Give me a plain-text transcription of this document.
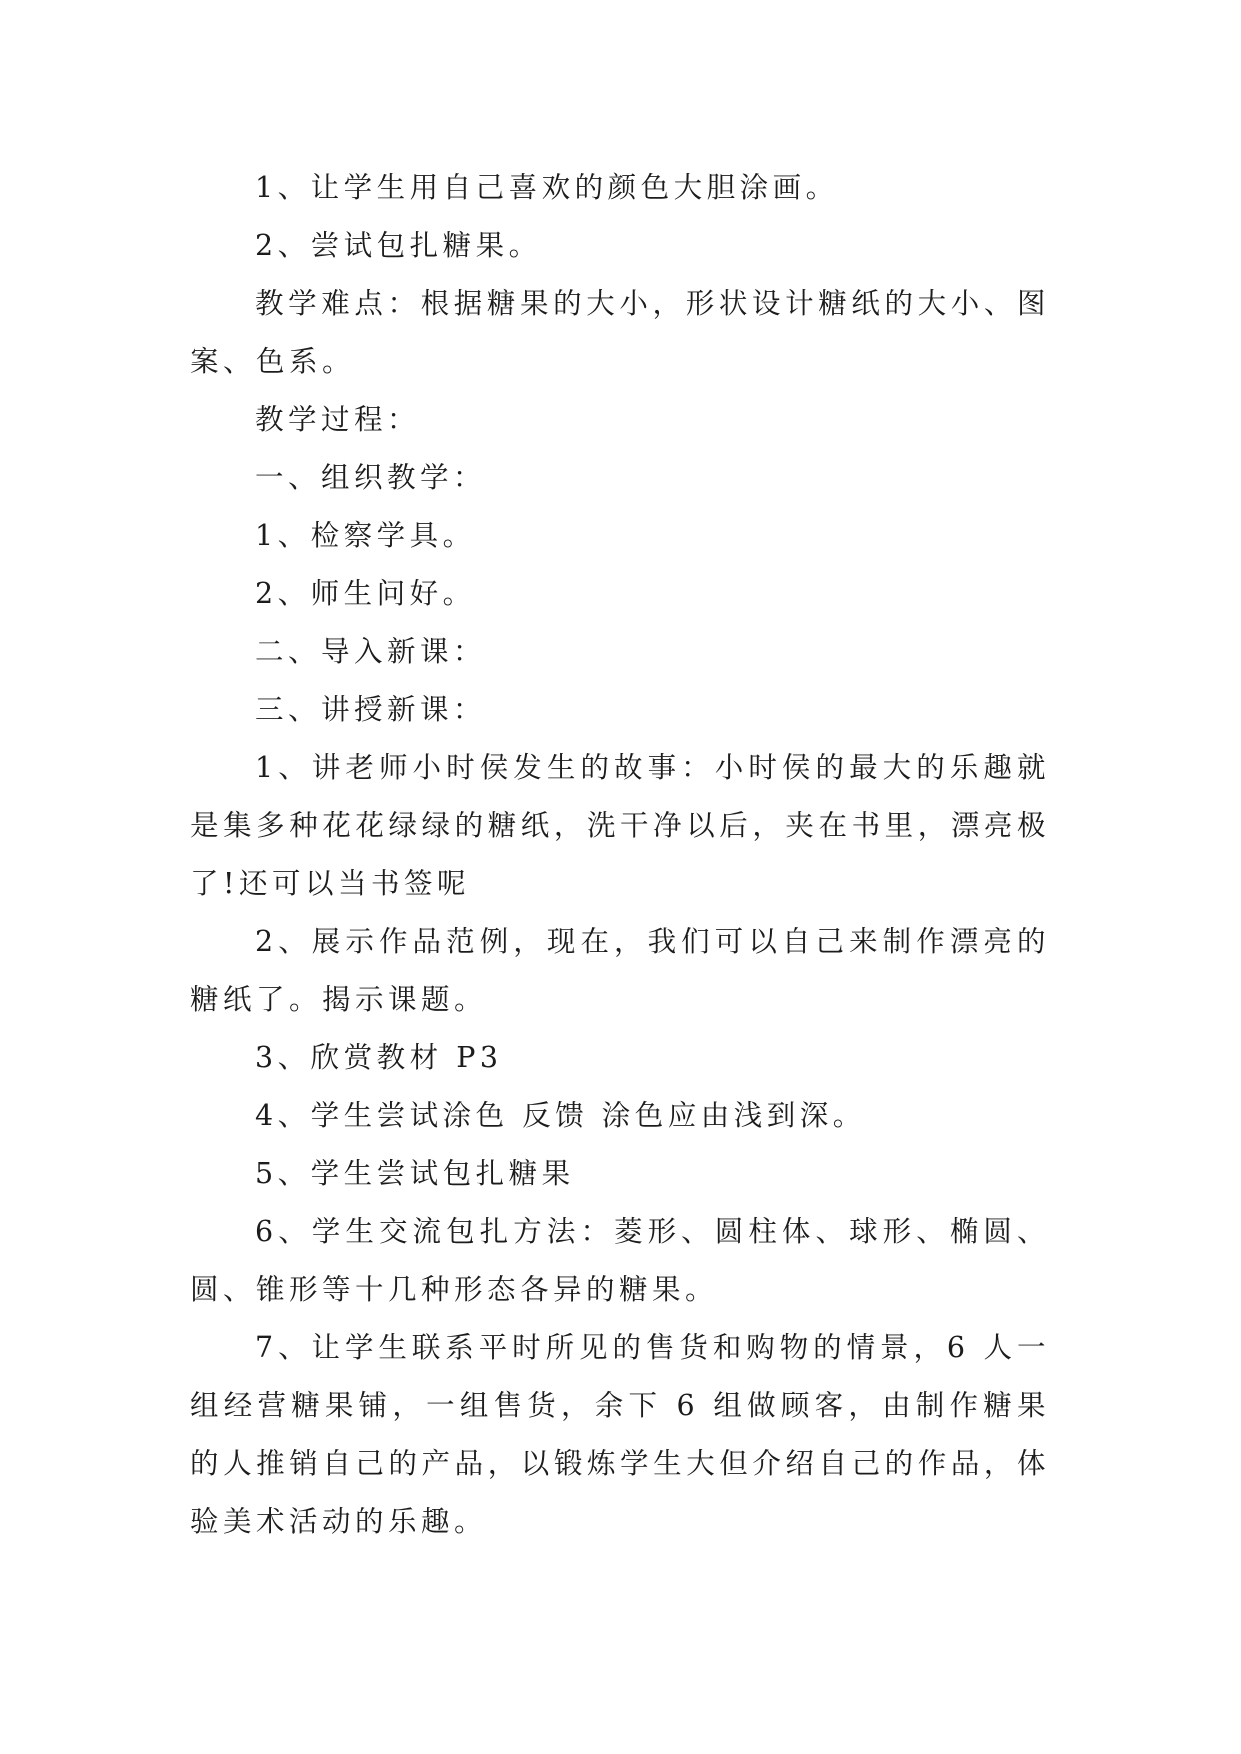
1、让学生用自己喜欢的颜色大胆涂画。

2、尝试包扎糖果。

教学难点：根据糖果的大小，形状设计糖纸的大小、图案、色系。

教学过程：

一、组织教学：

1、检察学具。

2、师生问好。

二、导入新课：

三、讲授新课：

1、讲老师小时侯发生的故事：小时侯的最大的乐趣就是集多种花花绿绿的糖纸，洗干净以后，夹在书里，漂亮极了!还可以当书签呢

2、展示作品范例，现在，我们可以自己来制作漂亮的糖纸了。揭示课题。

3、欣赏教材 P3

4、学生尝试涂色 反馈 涂色应由浅到深。

5、学生尝试包扎糖果

6、学生交流包扎方法：菱形、圆柱体、球形、椭圆、圆、锥形等十几种形态各异的糖果。

7、让学生联系平时所见的售货和购物的情景，6 人一组经营糖果铺，一组售货，余下 6 组做顾客，由制作糖果的人推销自己的产品，以锻炼学生大但介绍自己的作品，体验美术活动的乐趣。
